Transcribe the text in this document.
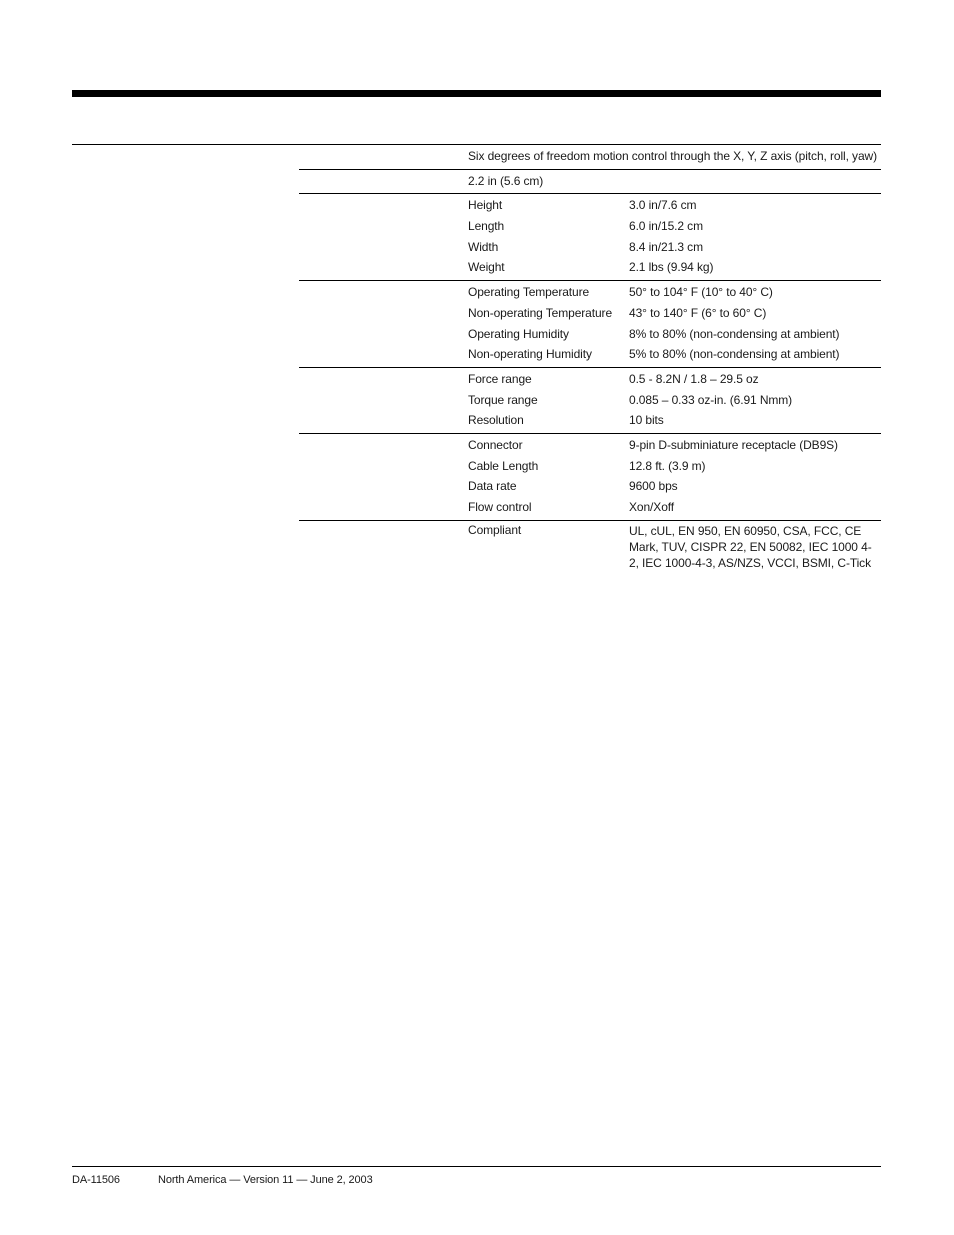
Six degrees of freedom motion control through the X, Y, Z axis (pitch, roll, yaw)
2.2 in (5.6 cm)
Height	3.0 in/7.6 cm
Length	6.0 in/15.2 cm
Width	8.4 in/21.3 cm
Weight	2.1 lbs (9.94 kg)
Operating Temperature	50° to 104° F (10° to 40° C)
Non-operating Temperature	43° to 140° F (6° to 60° C)
Operating Humidity	8% to 80% (non-condensing at ambient)
Non-operating Humidity	5% to 80% (non-condensing at ambient)
Force range	0.5 - 8.2N / 1.8 – 29.5 oz
Torque range	0.085 – 0.33 oz-in. (6.91 Nmm)
Resolution	10 bits
Connector	9-pin D-subminiature receptacle (DB9S)
Cable Length	12.8 ft. (3.9 m)
Data rate	9600 bps
Flow control	Xon/Xoff
Compliant	UL, cUL, EN 950, EN 60950, CSA, FCC, CE Mark, TUV, CISPR 22, EN 50082, IEC 1000 4-2, IEC 1000-4-3, AS/NZS, VCCI, BSMI, C-Tick
DA-11506	North America — Version 11 — June 2, 2003
